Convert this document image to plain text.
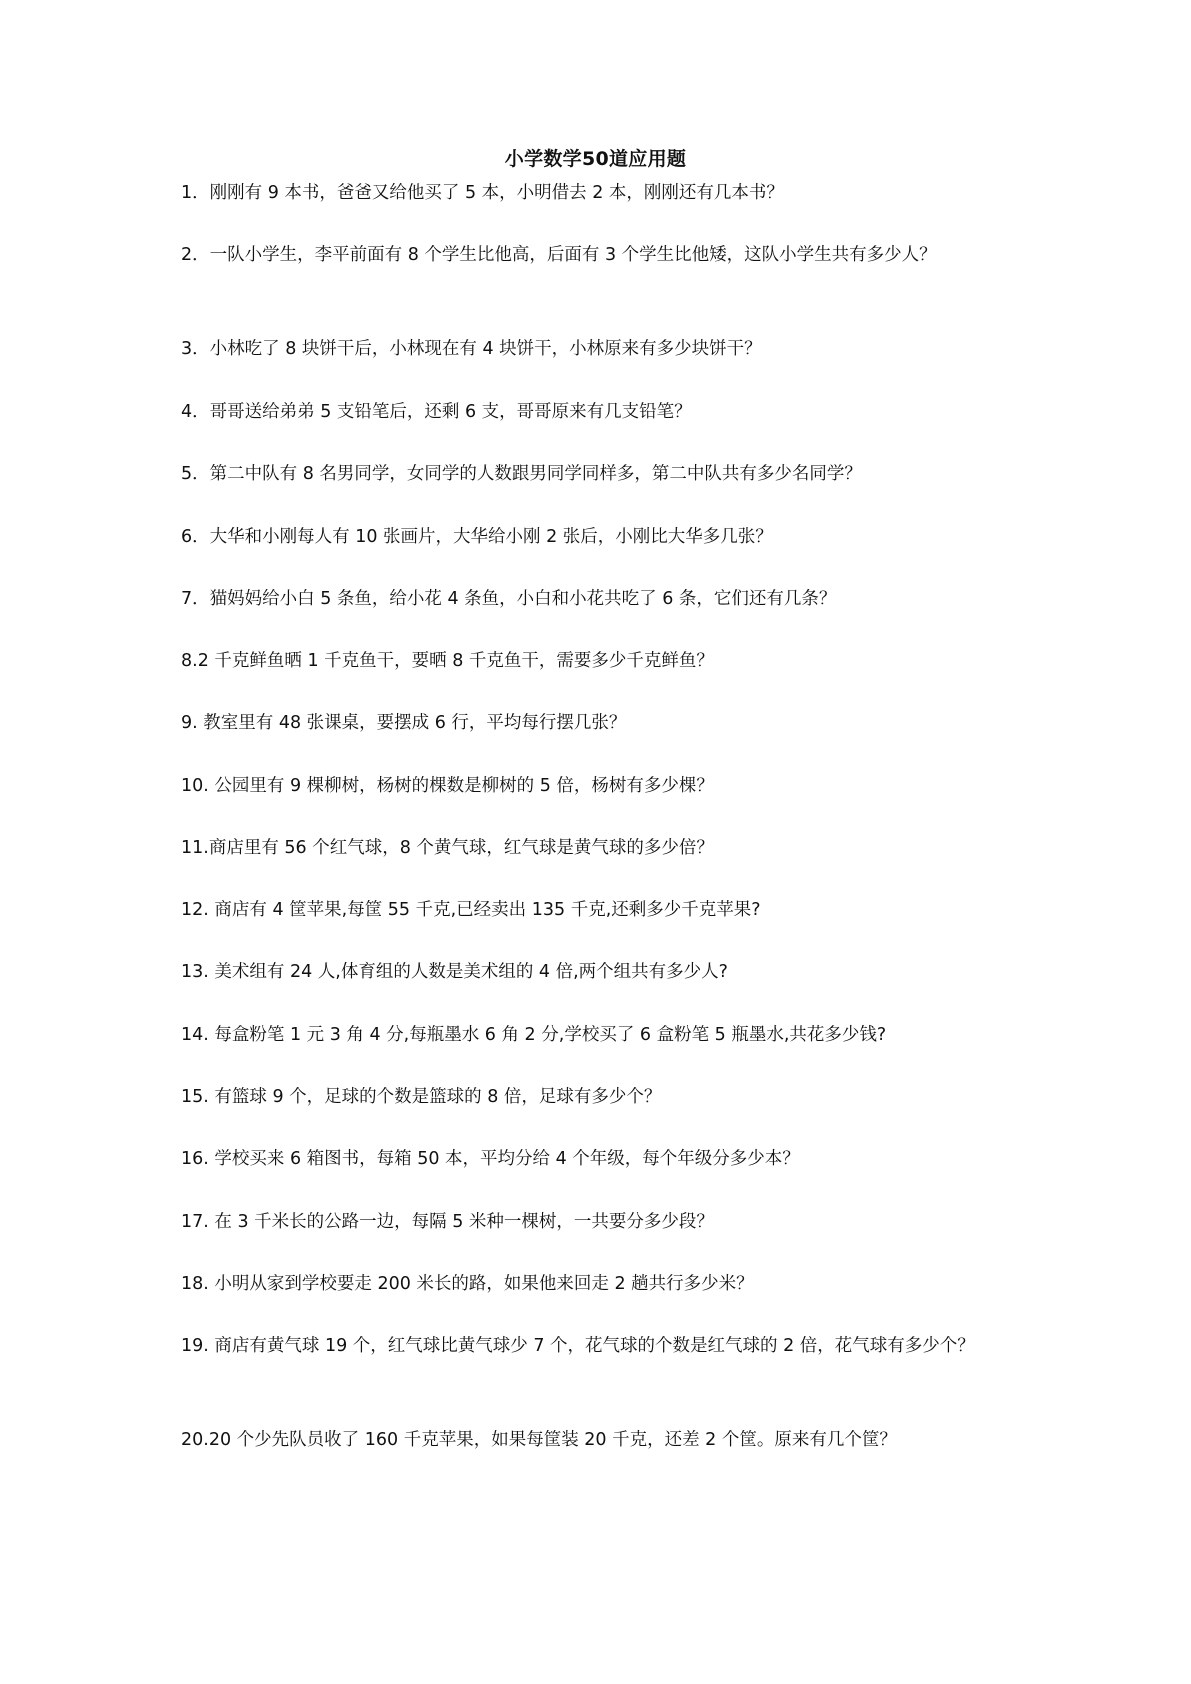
小学数学50道应用题
1．刚刚有 9 本书，爸爸又给他买了 5 本，小明借去 2 本，刚刚还有几本书？
2．一队小学生，李平前面有 8 个学生比他高，后面有 3 个学生比他矮，这队小学生共有多少人？
3．小林吃了 8 块饼干后，小林现在有 4 块饼干，小林原来有多少块饼干？
4．哥哥送给弟弟 5 支铅笔后，还剩 6 支，哥哥原来有几支铅笔？
5．第二中队有 8 名男同学，女同学的人数跟男同学同样多，第二中队共有多少名同学？
6．大华和小刚每人有 10 张画片，大华给小刚 2 张后，小刚比大华多几张？
7．猫妈妈给小白 5 条鱼，给小花 4 条鱼，小白和小花共吃了 6 条，它们还有几条？
8.2 千克鲜鱼晒 1 千克鱼干，要晒 8 千克鱼干，需要多少千克鲜鱼？
9. 教室里有 48 张课桌，要摆成 6 行，平均每行摆几张？
10. 公园里有 9 棵柳树，杨树的棵数是柳树的 5 倍，杨树有多少棵？
11.商店里有 56 个红气球，8 个黄气球，红气球是黄气球的多少倍？
12. 商店有 4 筐苹果,每筐 55 千克,已经卖出 135 千克,还剩多少千克苹果?
13. 美术组有 24 人,体育组的人数是美术组的 4 倍,两个组共有多少人?
14. 每盒粉笔 1 元 3 角 4 分,每瓶墨水 6 角 2 分,学校买了 6 盒粉笔 5 瓶墨水,共花多少钱?
15. 有篮球 9 个，足球的个数是篮球的 8 倍，足球有多少个？
16. 学校买来 6 箱图书，每箱 50 本，平均分给 4 个年级，每个年级分多少本？
17. 在 3 千米长的公路一边，每隔 5 米种一棵树，一共要分多少段？
18. 小明从家到学校要走 200 米长的路，如果他来回走 2 趟共行多少米？
19. 商店有黄气球 19 个，红气球比黄气球少 7 个，花气球的个数是红气球的 2 倍，花气球有多少个？
20.20 个少先队员收了 160 千克苹果，如果每筐装 20 千克，还差 2 个筐。原来有几个筐？
